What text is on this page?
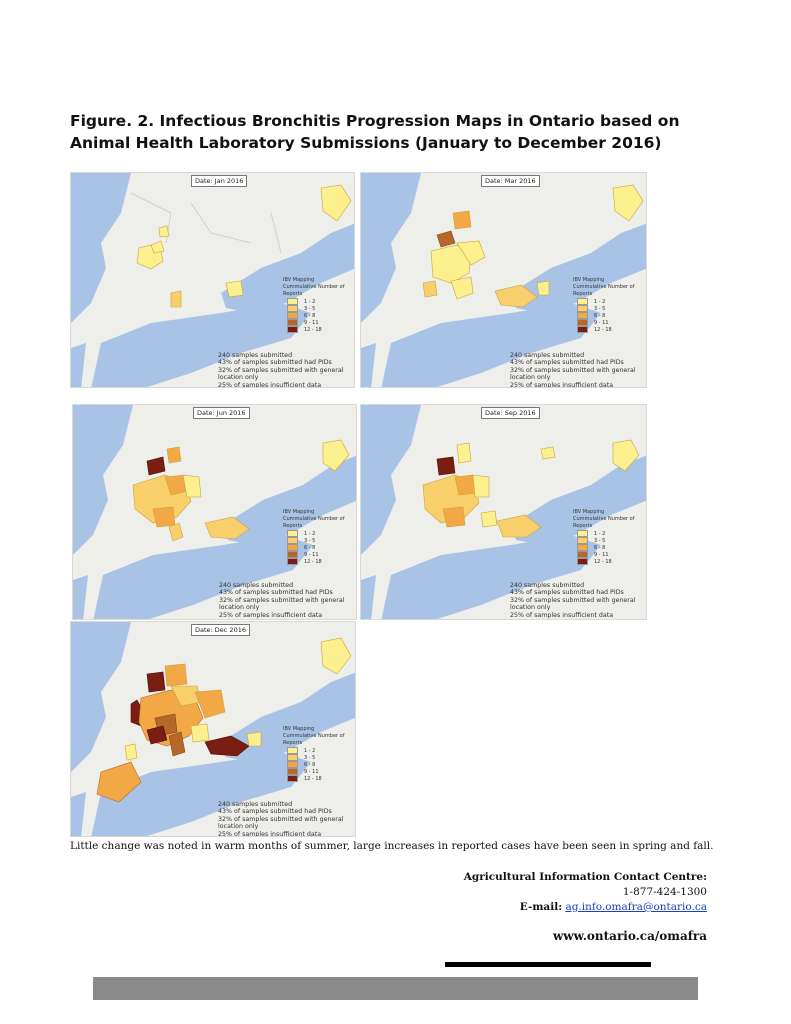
Figure. 2. Infectious Bronchitis Progression Maps in Ontario based on Animal Health Laboratory Submissions (January to December 2016)
Date: Jan 2016
IBV Mapping
Cummulative Number of Reports
1 - 2
3 - 5
6 - 8
9 - 11
12 - 18
240 samples submitted
43% of samples submitted had PIDs
32% of samples submitted with general location only
25% of samples insufficient data
Date: Mar 2016
IBV Mapping
Cummulative Number of Reports
1 - 2
3 - 5
6 - 8
9 - 11
12 - 18
240 samples submitted
43% of samples submitted had PIDs
32% of samples submitted with general location only
25% of samples insufficient data
Date: Jun 2016
IBV Mapping
Cummulative Number of Reports
1 - 2
3 - 5
6 - 8
9 - 11
12 - 18
240 samples submitted
43% of samples submitted had PIDs
32% of samples submitted with general location only
25% of samples insufficient data
Date: Sep 2016
IBV Mapping
Cummulative Number of Reports
1 - 2
3 - 5
6 - 8
9 - 11
12 - 18
240 samples submitted
43% of samples submitted had PIDs
32% of samples submitted with general location only
25% of samples insufficient data
Date: Dec 2016
IBV Mapping
Cummulative Number of Reports
1 - 2
3 - 5
6 - 8
9 - 11
12 - 18
240 samples submitted
43% of samples submitted had PIDs
32% of samples submitted with general location only
25% of samples insufficient data
Little change was noted in warm months of summer, large increases in reported cases have been seen in spring and fall.
Agricultural Information Contact Centre:
1-877-424-1300
E-mail: ag.info.omafra@ontario.ca
www.ontario.ca/omafra
